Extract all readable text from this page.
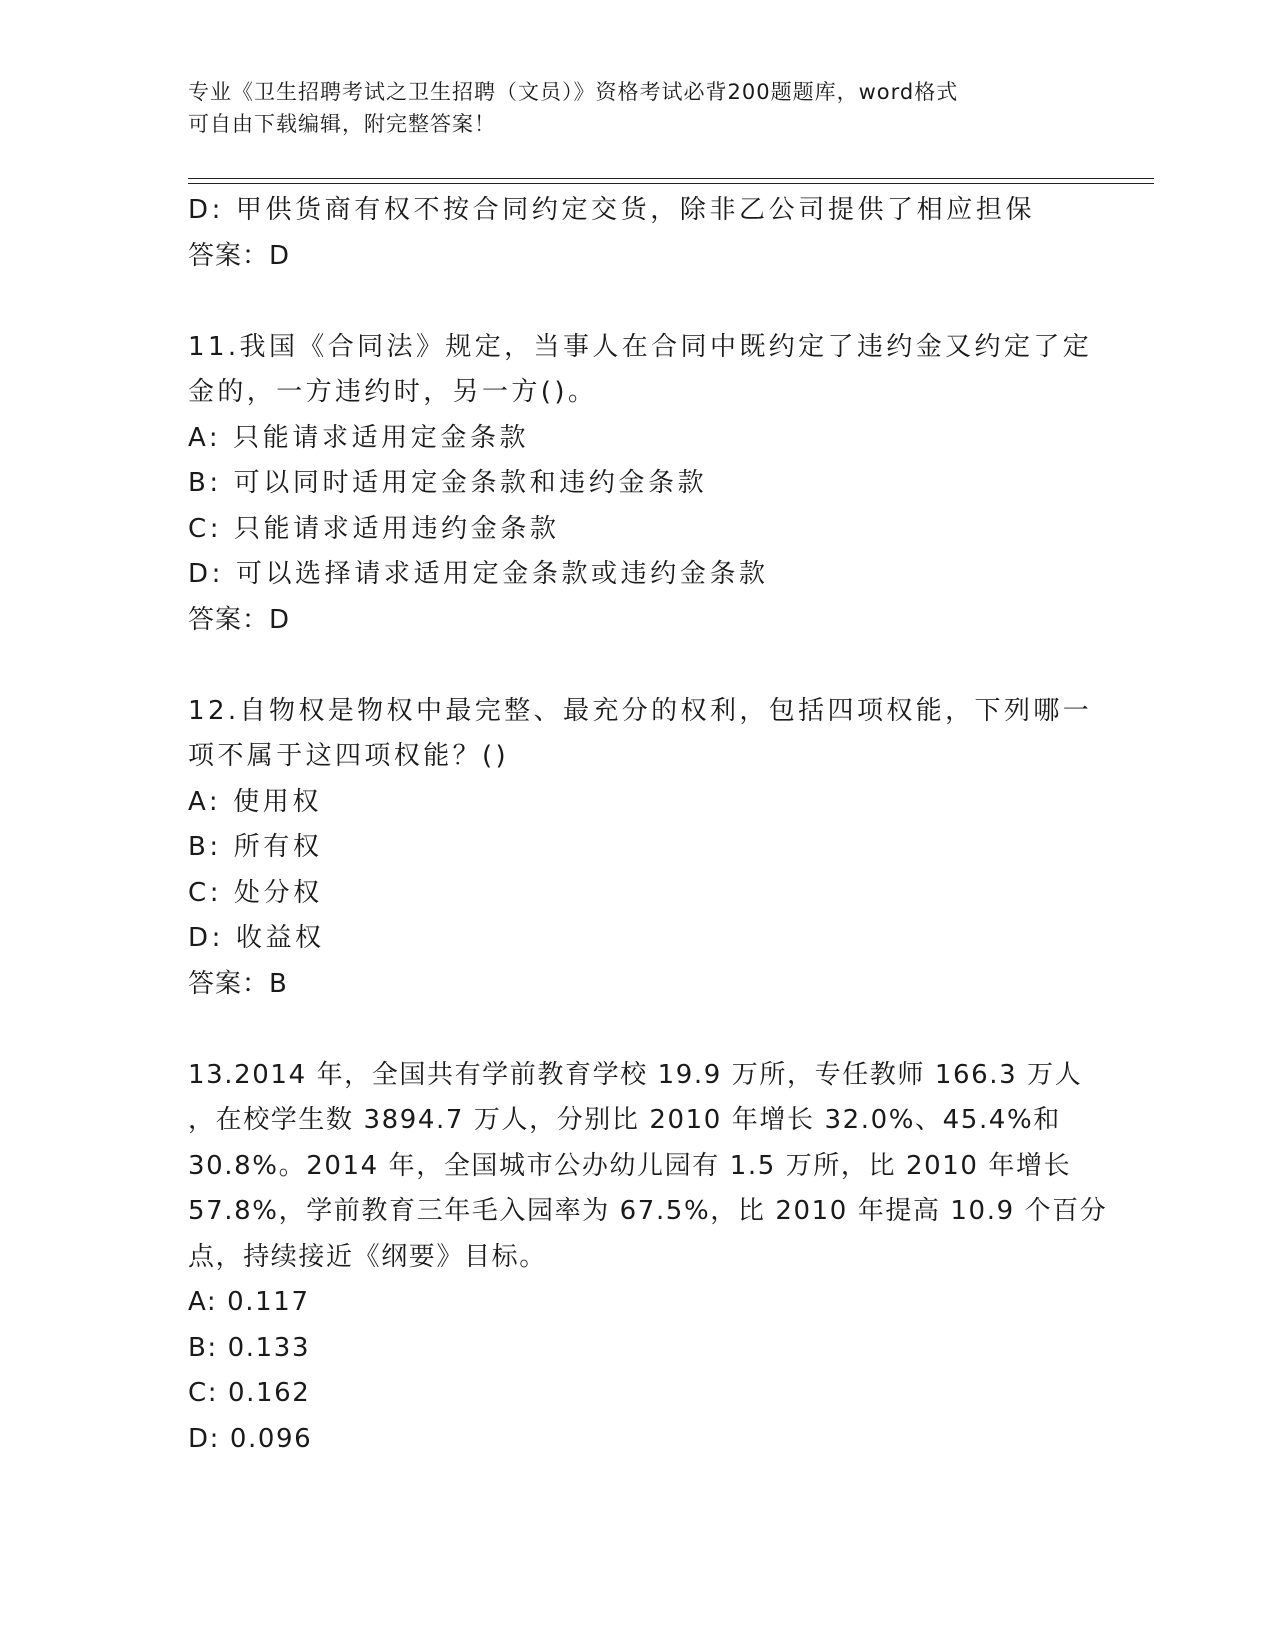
专业《卫生招聘考试之卫生招聘（文员）》资格考试必背200题题库，word格式
可自由下载编辑，附完整答案！
D: 甲供货商有权不按合同约定交货，除非乙公司提供了相应担保
答案：D
11.我国《合同法》规定，当事人在合同中既约定了违约金又约定了定
金的，一方违约时，另一方()。
A: 只能请求适用定金条款
B: 可以同时适用定金条款和违约金条款
C: 只能请求适用违约金条款
D: 可以选择请求适用定金条款或违约金条款
答案：D
12.自物权是物权中最完整、最充分的权利，包括四项权能，下列哪一
项不属于这四项权能？()
A: 使用权
B: 所有权
C: 处分权
D: 收益权
答案：B
13.2014 年，全国共有学前教育学校 19.9 万所，专任教师 166.3 万人
，在校学生数 3894.7 万人，分别比 2010 年增长 32.0%、45.4%和
30.8%。2014 年，全国城市公办幼儿园有 1.5 万所，比 2010 年增长
57.8%，学前教育三年毛入园率为 67.5%，比 2010 年提高 10.9 个百分
点，持续接近《纲要》目标。
A: 0.117
B: 0.133
C: 0.162
D: 0.096
